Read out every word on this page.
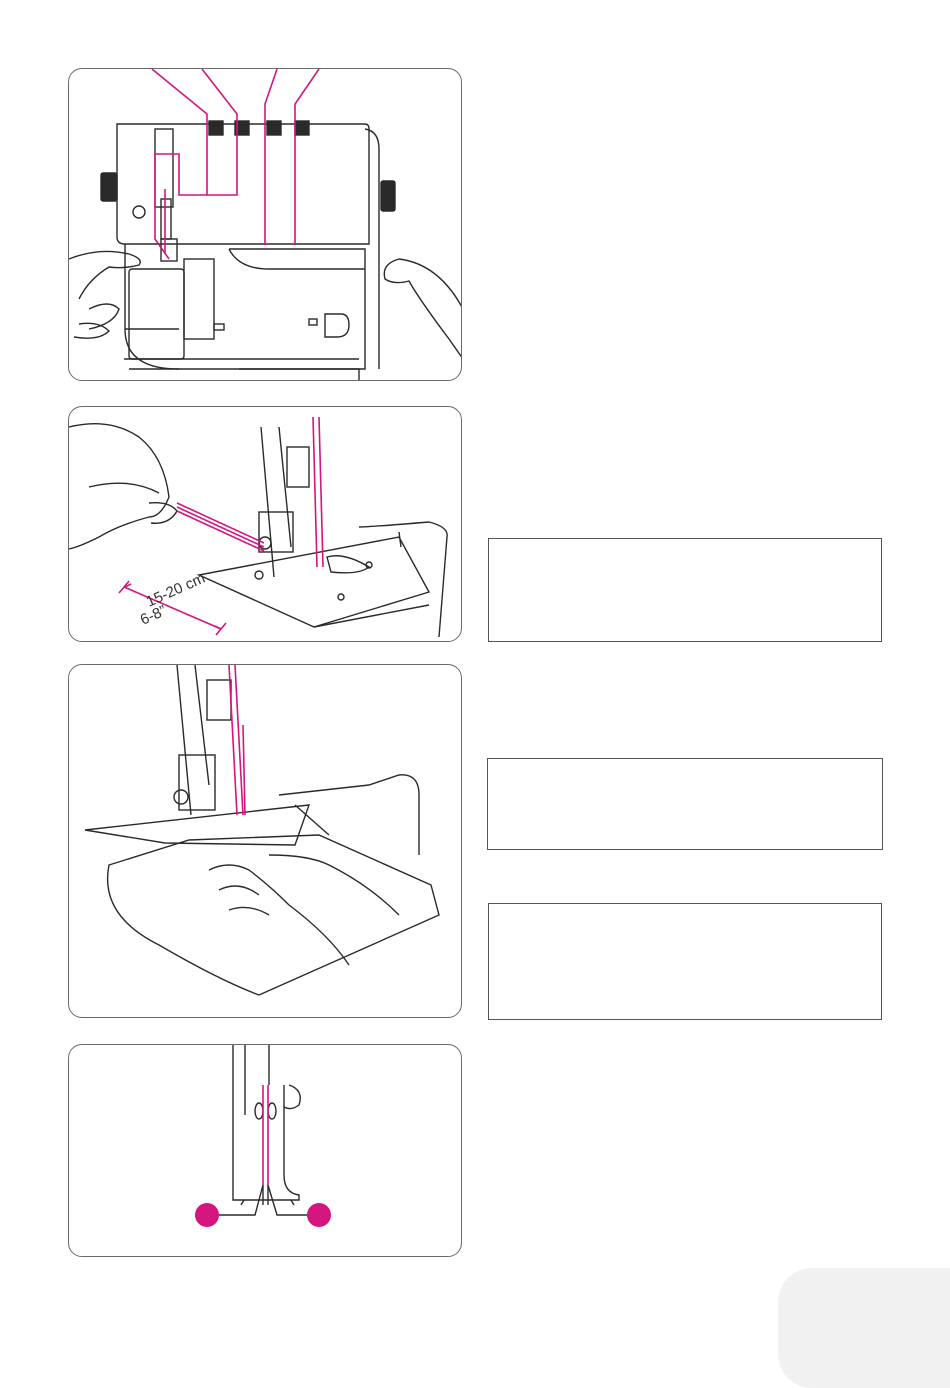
15-20 cm
6-8”
